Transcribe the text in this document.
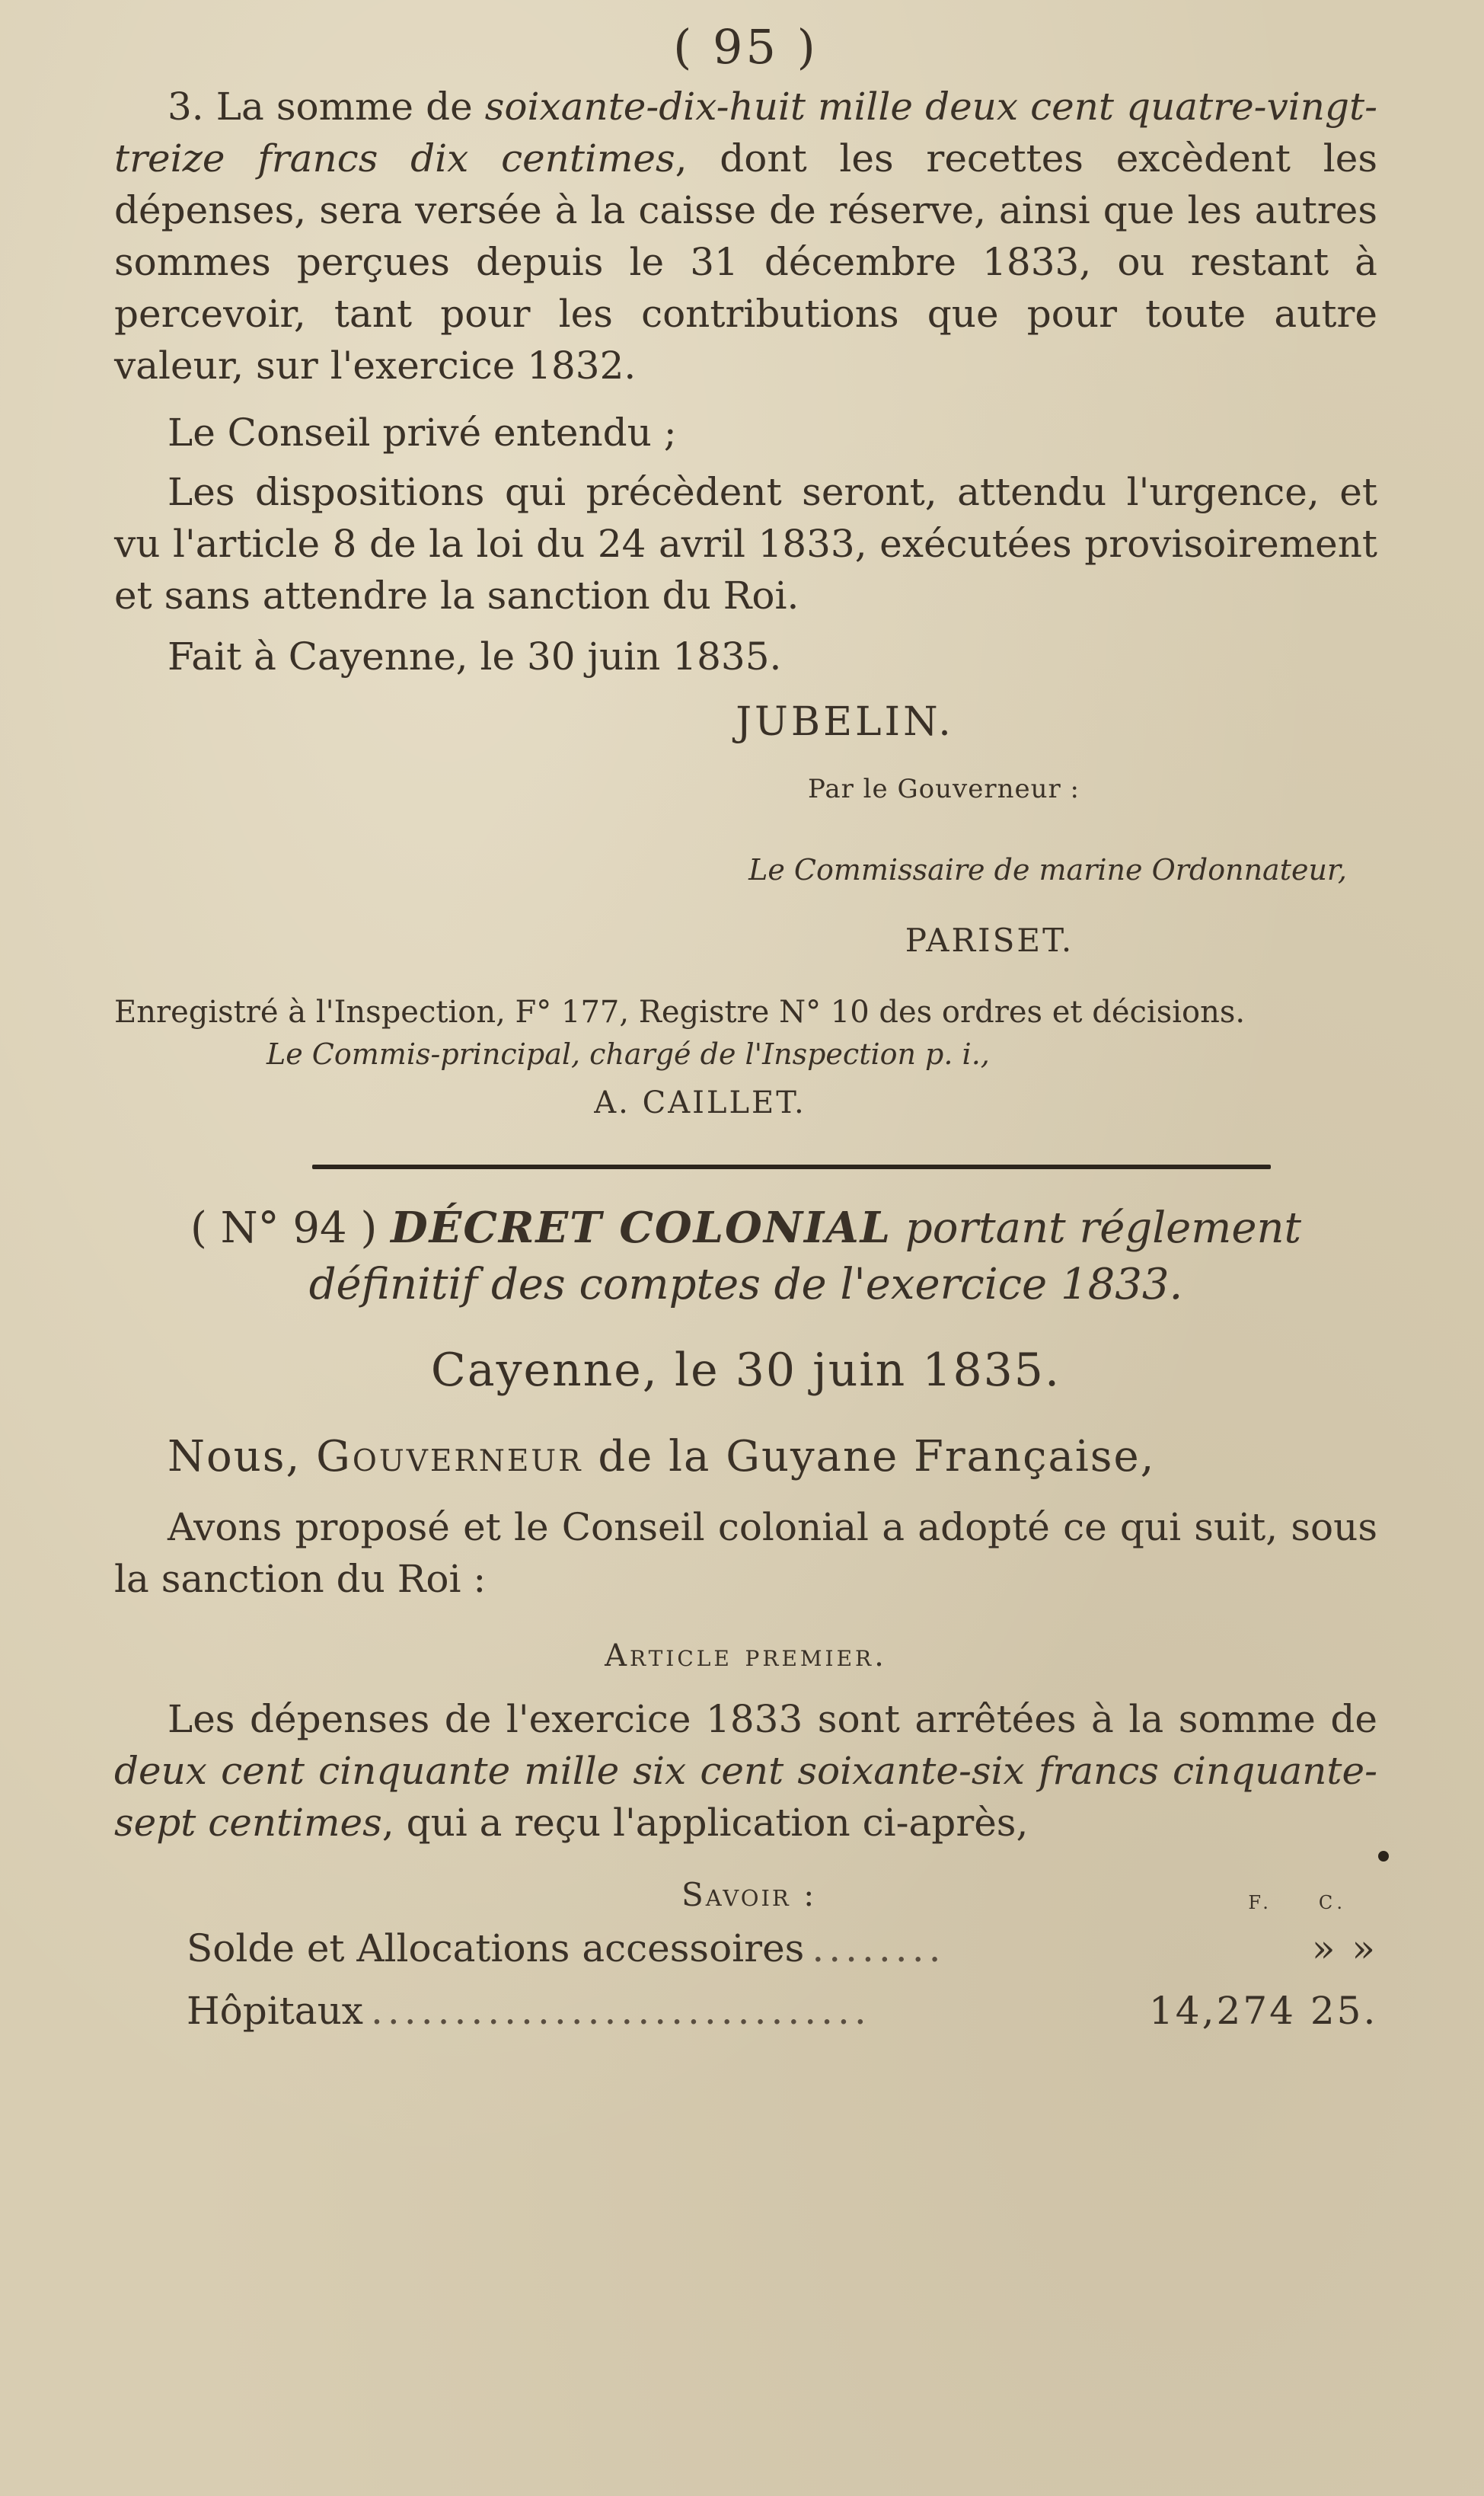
( 95 )

3. La somme de soixante-dix-huit mille deux cent quatre-vingt-treize francs dix centimes, dont les recettes excèdent les dépenses, sera versée à la caisse de réserve, ainsi que les autres sommes perçues depuis le 31 décembre 1833, ou restant à percevoir, tant pour les contributions que pour toute autre valeur, sur l'exercice 1832.

Le Conseil privé entendu ;

Les dispositions qui précèdent seront, attendu l'urgence, et vu l'article 8 de la loi du 24 avril 1833, exécutées provisoirement et sans attendre la sanction du Roi.

Fait à Cayenne, le 30 juin 1835.

JUBELIN.
Par le Gouverneur :
Le Commissaire de marine Ordonnateur,
PARISET.

Enregistré à l'Inspection, F° 177, Registre N° 10 des ordres et décisions.

Le Commis-principal, chargé de l'Inspection p. i.,

A. CAILLET.
( N° 94 ) DÉCRET COLONIAL portant réglement définitif des comptes de l'exercice 1833.
Cayenne, le 30 juin 1835.

Nous, Gouverneur de la Guyane Française,

Avons proposé et le Conseil colonial a adopté ce qui suit, sous la sanction du Roi :

Article premier.

Les dépenses de l'exercice 1833 sont arrêtées à la somme de deux cent cinquante mille six cent soixante-six francs cinquante-sept centimes, qui a reçu l'application ci-après,

Savoir :	F.	C.
Solde et Allocations accessoires ........	» »
Hôpitaux ..............................	14,274 25.
